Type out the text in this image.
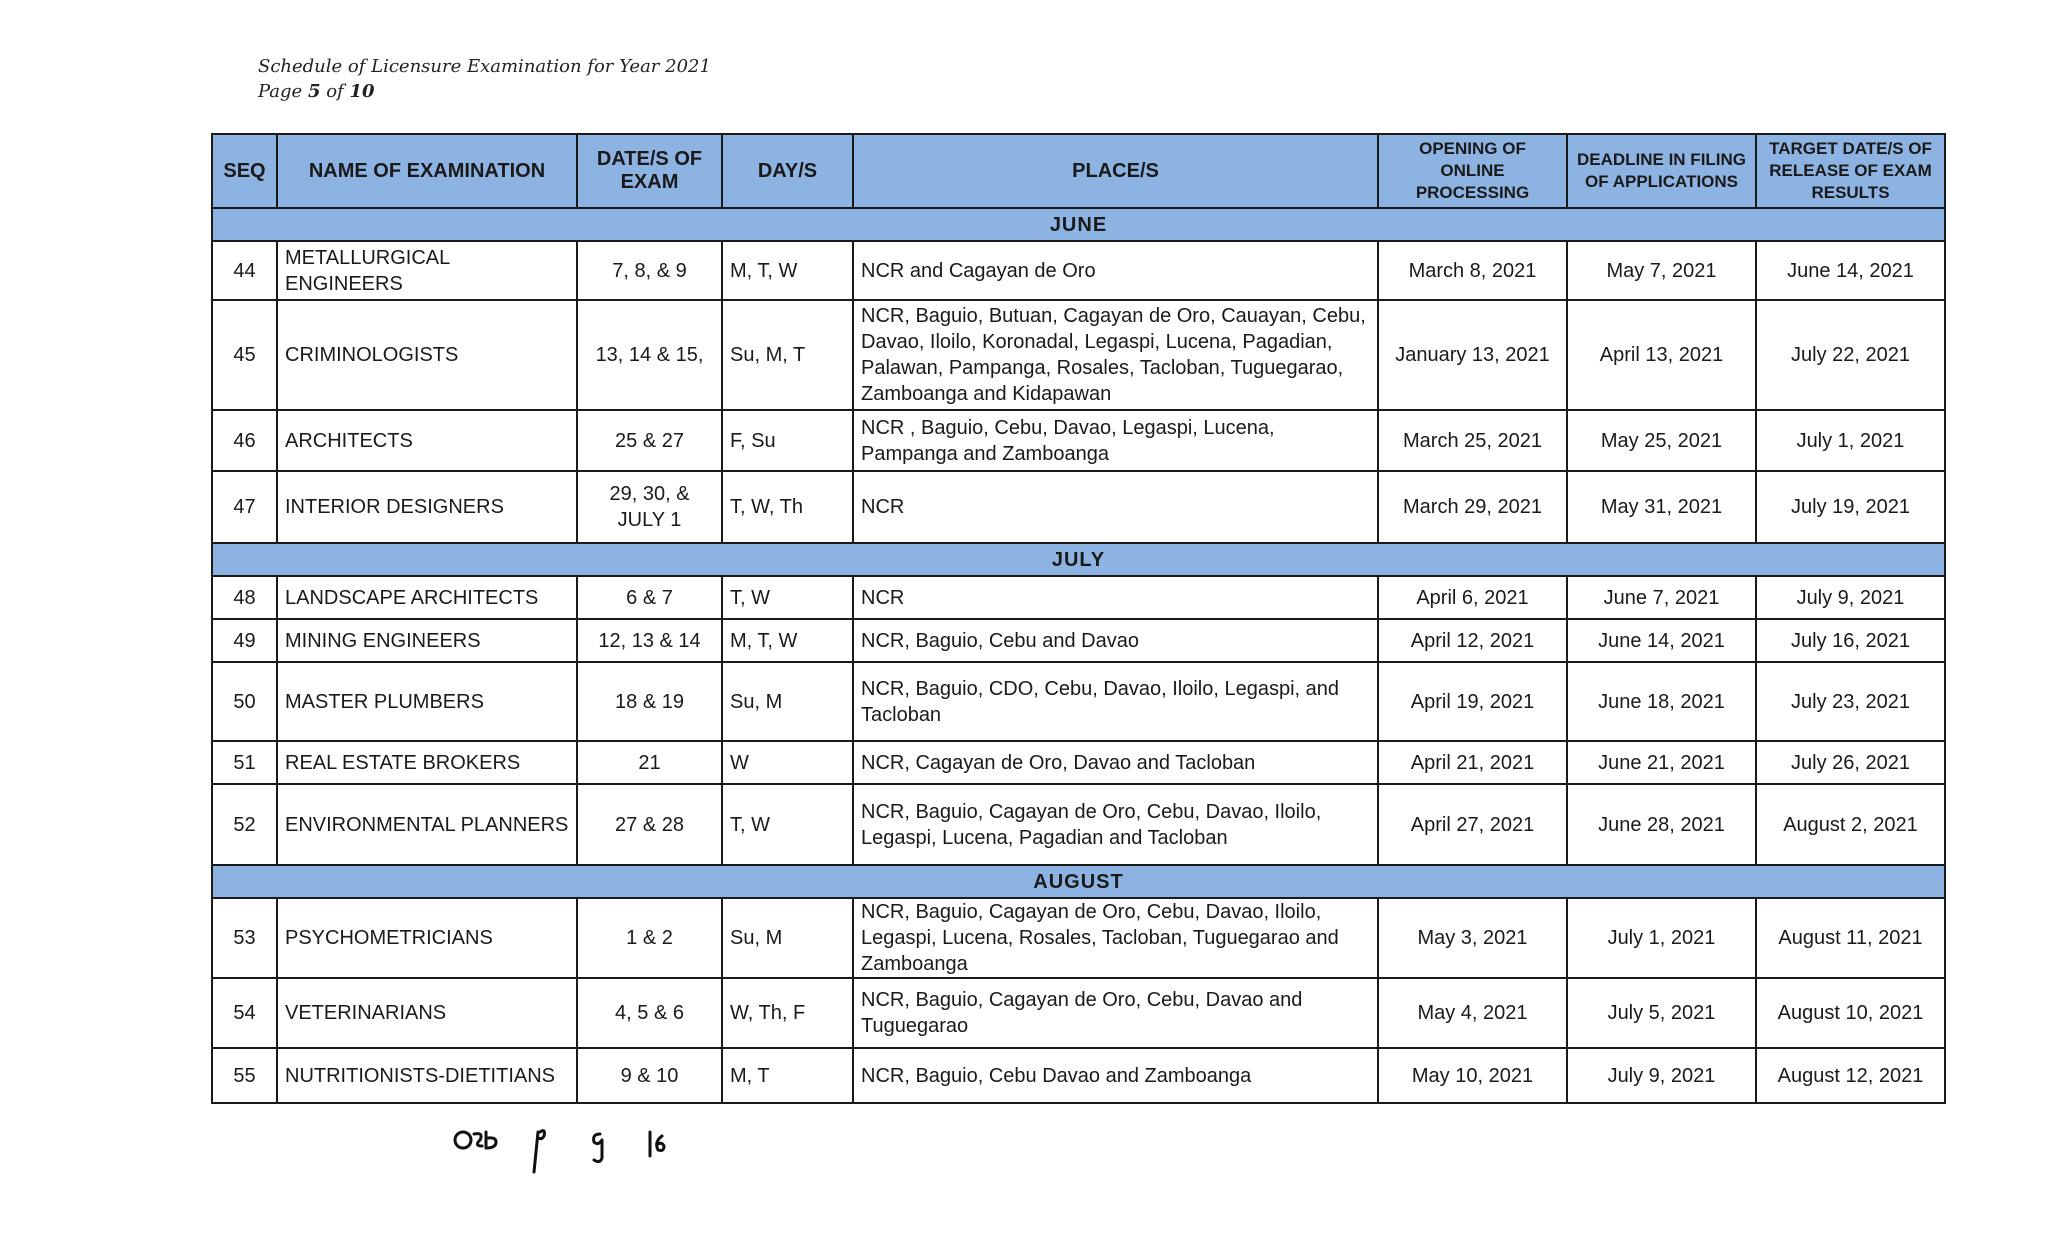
Schedule of Licensure Examination for Year 2021
Page 5 of 10
SEQ	NAME OF EXAMINATION	DATE/S OF EXAM	DAY/S	PLACE/S	OPENING OF ONLINE PROCESSING	DEADLINE IN FILING OF APPLICATIONS	TARGET DATE/S OF RELEASE OF EXAM RESULTS
JUNE							
44	METALLURGICAL ENGINEERS	7, 8, & 9	M, T, W	NCR and Cagayan de Oro	March 8, 2021	May 7, 2021	June 14, 2021
45	CRIMINOLOGISTS	13, 14 & 15,	Su, M, T	NCR, Baguio, Butuan, Cagayan de Oro, Cauayan, Cebu, Davao, Iloilo, Koronadal, Legaspi, Lucena, Pagadian, Palawan, Pampanga, Rosales, Tacloban, Tuguegarao, Zamboanga and Kidapawan	January 13, 2021	April 13, 2021	July 22, 2021
46	ARCHITECTS	25 & 27	F, Su	NCR , Baguio, Cebu, Davao, Legaspi, Lucena, Pampanga and Zamboanga	March 25, 2021	May 25, 2021	July 1, 2021
47	INTERIOR DESIGNERS	29, 30, & JULY 1	T, W, Th	NCR	March 29, 2021	May 31, 2021	July 19, 2021
JULY							
48	LANDSCAPE ARCHITECTS	6 & 7	T, W	NCR	April 6, 2021	June 7, 2021	July 9, 2021
49	MINING ENGINEERS	12, 13 & 14	M, T, W	NCR, Baguio, Cebu and Davao	April 12, 2021	June 14, 2021	July 16, 2021
50	MASTER PLUMBERS	18 & 19	Su, M	NCR, Baguio, CDO, Cebu, Davao, Iloilo, Legaspi, and Tacloban	April 19, 2021	June 18, 2021	July 23, 2021
51	REAL ESTATE BROKERS	21	W	NCR, Cagayan de Oro, Davao and Tacloban	April 21, 2021	June 21, 2021	July 26, 2021
52	ENVIRONMENTAL PLANNERS	27 & 28	T, W	NCR, Baguio, Cagayan de Oro, Cebu, Davao, Iloilo, Legaspi, Lucena, Pagadian and Tacloban	April 27, 2021	June 28, 2021	August 2, 2021
AUGUST							
53	PSYCHOMETRICIANS	1 & 2	Su, M	NCR, Baguio, Cagayan de Oro, Cebu, Davao, Iloilo, Legaspi, Lucena, Rosales, Tacloban, Tuguegarao and Zamboanga	May 3, 2021	July 1, 2021	August 11, 2021
54	VETERINARIANS	4, 5 & 6	W, Th, F	NCR, Baguio, Cagayan de Oro, Cebu, Davao and Tuguegarao	May 4, 2021	July 5, 2021	August 10, 2021
55	NUTRITIONISTS-DIETITIANS	9 & 10	M, T	NCR, Baguio, Cebu Davao and Zamboanga	May 10, 2021	July 9, 2021	August 12, 2021
